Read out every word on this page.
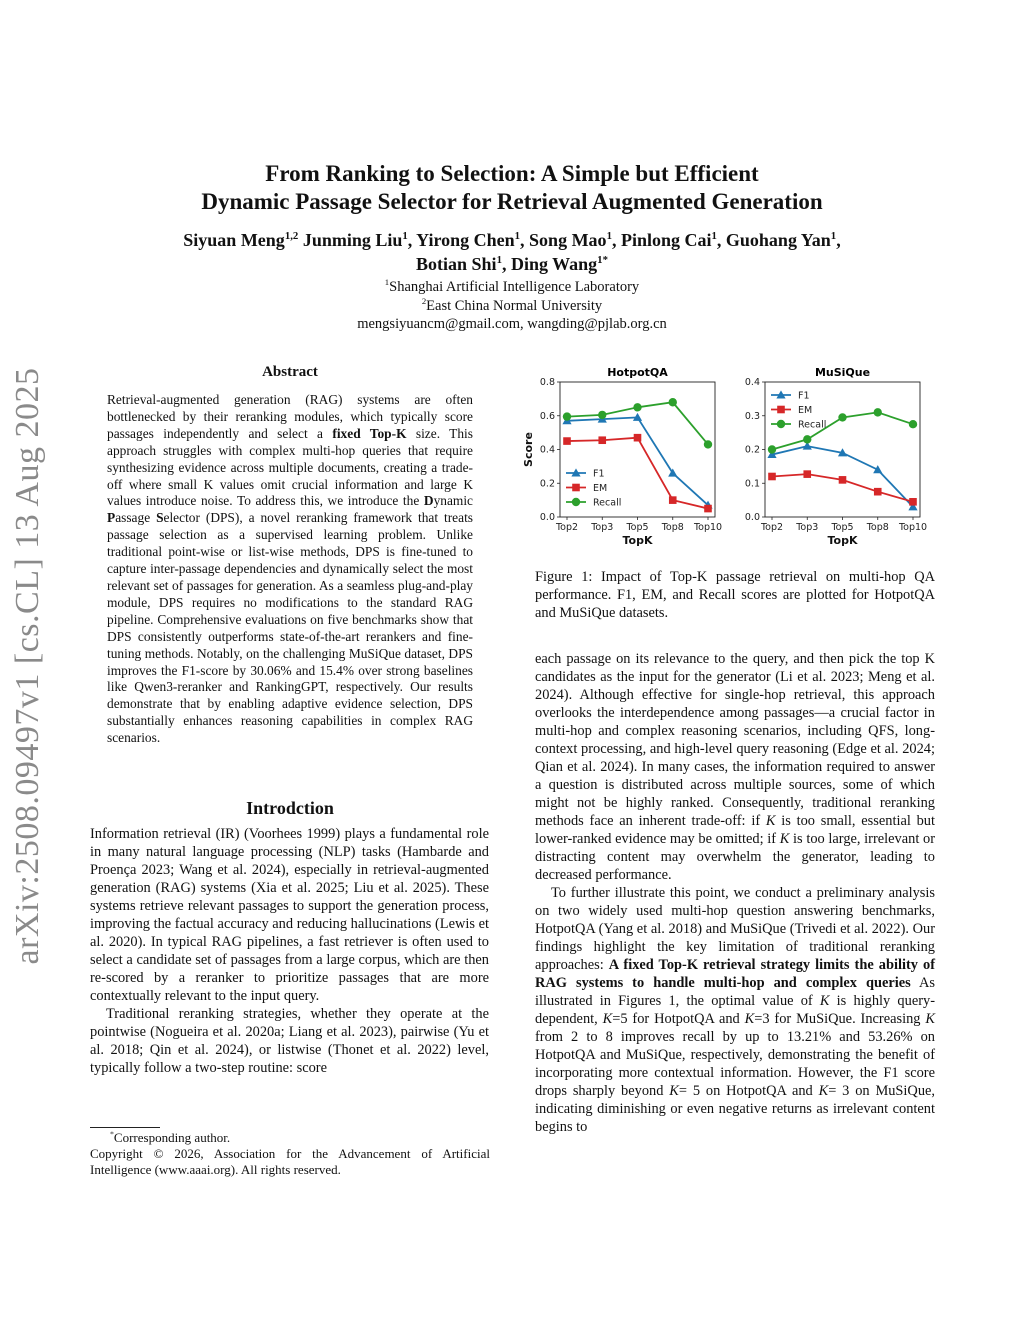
arXiv:2508.09497v1 [cs.CL] 13 Aug 2025
From Ranking to Selection: A Simple but Efficient
Dynamic Passage Selector for Retrieval Augmented Generation
Siyuan Meng$^{1,2}$ Junming Liu$^1$, Yirong Chen$^1$, Song Mao$^1$, Pinlong Cai$^1$, Guohang Yan$^1$,
Botian Shi$^1$, Ding Wang$^{1*}$
$^1$Shanghai Artificial Intelligence Laboratory
$^2$East China Normal University
mengsiyuancm@gmail.com, wangding@pjlab.org.cn
Abstract
Retrieval-augmented generation (RAG) systems are often bottlenecked by their reranking modules, which typically score passages independently and select a fixed Top-K size. This approach struggles with complex multi-hop queries that require synthesizing evidence across multiple documents, creating a trade-off where small K values omit crucial information and large K values introduce noise. To address this, we introduce the Dynamic Passage Selector (DPS), a novel reranking framework that treats passage selection as a supervised learning problem. Unlike traditional point-wise or list-wise methods, DPS is fine-tuned to capture inter-passage dependencies and dynamically select the most relevant set of passages for generation. As a seamless plug-and-play module, DPS requires no modifications to the standard RAG pipeline. Comprehensive evaluations on five benchmarks show that DPS consistently outperforms state-of-the-art rerankers and fine-tuning methods. Notably, on the challenging MuSiQue dataset, DPS improves the F1-score by 30.06% and 15.4% over strong baselines like Qwen3-reranker and RankingGPT, respectively. Our results demonstrate that by enabling adaptive evidence selection, DPS substantially enhances reasoning capabilities in complex RAG scenarios.
Introdction

Information retrieval (IR) (Voorhees 1999) plays a fundamental role in many natural language processing (NLP) tasks (Hambarde and Proença 2023; Wang et al. 2024), especially in retrieval-augmented generation (RAG) systems (Xia et al. 2025; Liu et al. 2025). These systems retrieve relevant passages to support the generation process, improving the factual accuracy and reducing hallucinations (Lewis et al. 2020). In typical RAG pipelines, a fast retriever is often used to select a candidate set of passages from a large corpus, which are then re-scored by a reranker to prioritize passages that are more contextually relevant to the input query.

Traditional reranking strategies, whether they operate at the pointwise (Nogueira et al. 2020a; Liang et al. 2023), pairwise (Yu et al. 2018; Qin et al. 2024), or listwise (Thonet et al. 2022) level, typically follow a two-step routine: score

*Corresponding author.
Copyright © 2026, Association for the Advancement of Artificial Intelligence (www.aaai.org). All rights reserved.
HotpotQA
0.0
0.2
0.4
0.6
0.8
Top2 Top3 Top5 Top8 Top10
TopK
Score
F1
EM
Recall
MuSiQue
0.0
0.1
0.2
0.3
0.4
Top2 Top3 Top5 Top8 Top10
TopK
F1
EM
Recall
Figure 1: Impact of Top-K passage retrieval on multi-hop QA performance. F1, EM, and Recall scores are plotted for HotpotQA and MuSiQue datasets.

each passage on its relevance to the query, and then pick the top K candidates as the input for the generator (Li et al. 2023; Meng et al. 2024). Although effective for single-hop retrieval, this approach overlooks the interdependence among passages—a crucial factor in multi-hop and complex reasoning scenarios, including QFS, long-context processing, and high-level query reasoning (Edge et al. 2024; Qian et al. 2024). In many cases, the information required to answer a question is distributed across multiple sources, some of which might not be highly ranked. Consequently, traditional reranking methods face an inherent trade-off: if K is too small, essential but lower-ranked evidence may be omitted; if K is too large, irrelevant or distracting content may overwhelm the generator, leading to decreased performance.

To further illustrate this point, we conduct a preliminary analysis on two widely used multi-hop question answering benchmarks, HotpotQA (Yang et al. 2018) and MuSiQue (Trivedi et al. 2022). Our findings highlight the key limitation of traditional reranking approaches: A fixed Top-K retrieval strategy limits the ability of RAG systems to handle multi-hop and complex queries As illustrated in Figures 1, the optimal value of K is highly query-dependent, K=5 for HotpotQA and K=3 for MuSiQue. Increasing K from 2 to 8 improves recall by up to 13.21% and 53.26% on HotpotQA and MuSiQue, respectively, demonstrating the benefit of incorporating more contextual information. However, the F1 score drops sharply beyond K= 5 on HotpotQA and K= 3 on MuSiQue, indicating diminishing or even negative returns as irrelevant content begins to
